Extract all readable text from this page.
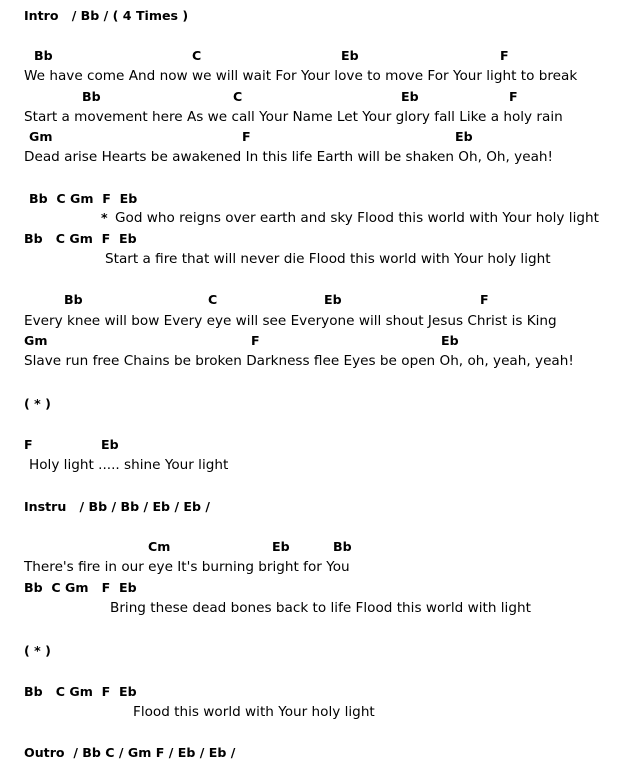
Intro   / Bb / ( 4 Times )
Bb	C	Eb	F
We have come And now we will wait For Your love to move For Your light to break
Bb	C	Eb	F
Start a movement here As we call Your Name Let Your glory fall Like a holy rain
Gm	F	Eb
Dead arise Hearts be awakened In this life Earth will be shaken Oh, Oh, yeah!
Bb  C Gm  F  Eb
* God who reigns over earth and sky Flood this world with Your holy light
Bb   C Gm  F  Eb
Start a fire that will never die Flood this world with Your holy light
Bb	C	Eb	F
Every knee will bow Every eye will see Everyone will shout Jesus Christ is King
Gm	F	Eb
Slave run free Chains be broken Darkness flee Eyes be open Oh, oh, yeah, yeah!
( * )
F	Eb
Holy light ..... shine Your light
Instru   / Bb / Bb / Eb / Eb /
Cm	Eb	Bb
There's fire in our eye It's burning bright for You
Bb  C Gm   F  Eb
Bring these dead bones back to life Flood this world with light
( * )
Bb   C Gm  F  Eb
Flood this world with Your holy light
Outro  / Bb C / Gm F / Eb / Eb /
